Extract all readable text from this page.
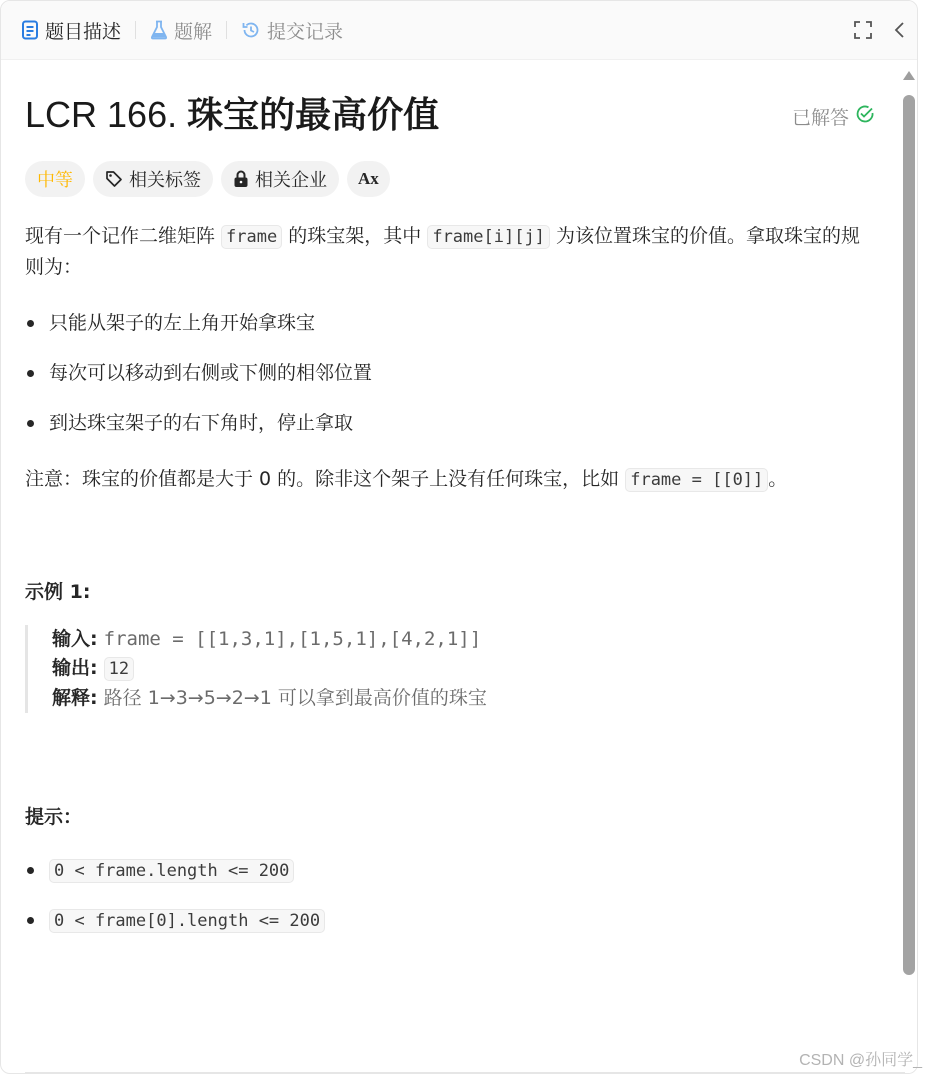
题目描述	题解	提交记录
LCR 166. 珠宝的最高价值	已解答
中等	相关标签	相关企业 Ax
现有一个记作二维矩阵 frame 的珠宝架，其中 frame[i][j] 为该位置珠宝的价值。拿取珠宝的规则为：
只能从架子的左上角开始拿珠宝
每次可以移动到右侧或下侧的相邻位置
到达珠宝架子的右下角时，停止拿取
注意：珠宝的价值都是大于 0 的。除非这个架子上没有任何珠宝，比如 frame = [[0]] 。
示例 1:
输入: frame = [[1,3,1],[1,5,1],[4,2,1]]
输出: 12
解释: 路径 1→3→5→2→1 可以拿到最高价值的珠宝
提示：
0 < frame.length <= 200
0 < frame[0].length <= 200
CSDN @孙同学_
